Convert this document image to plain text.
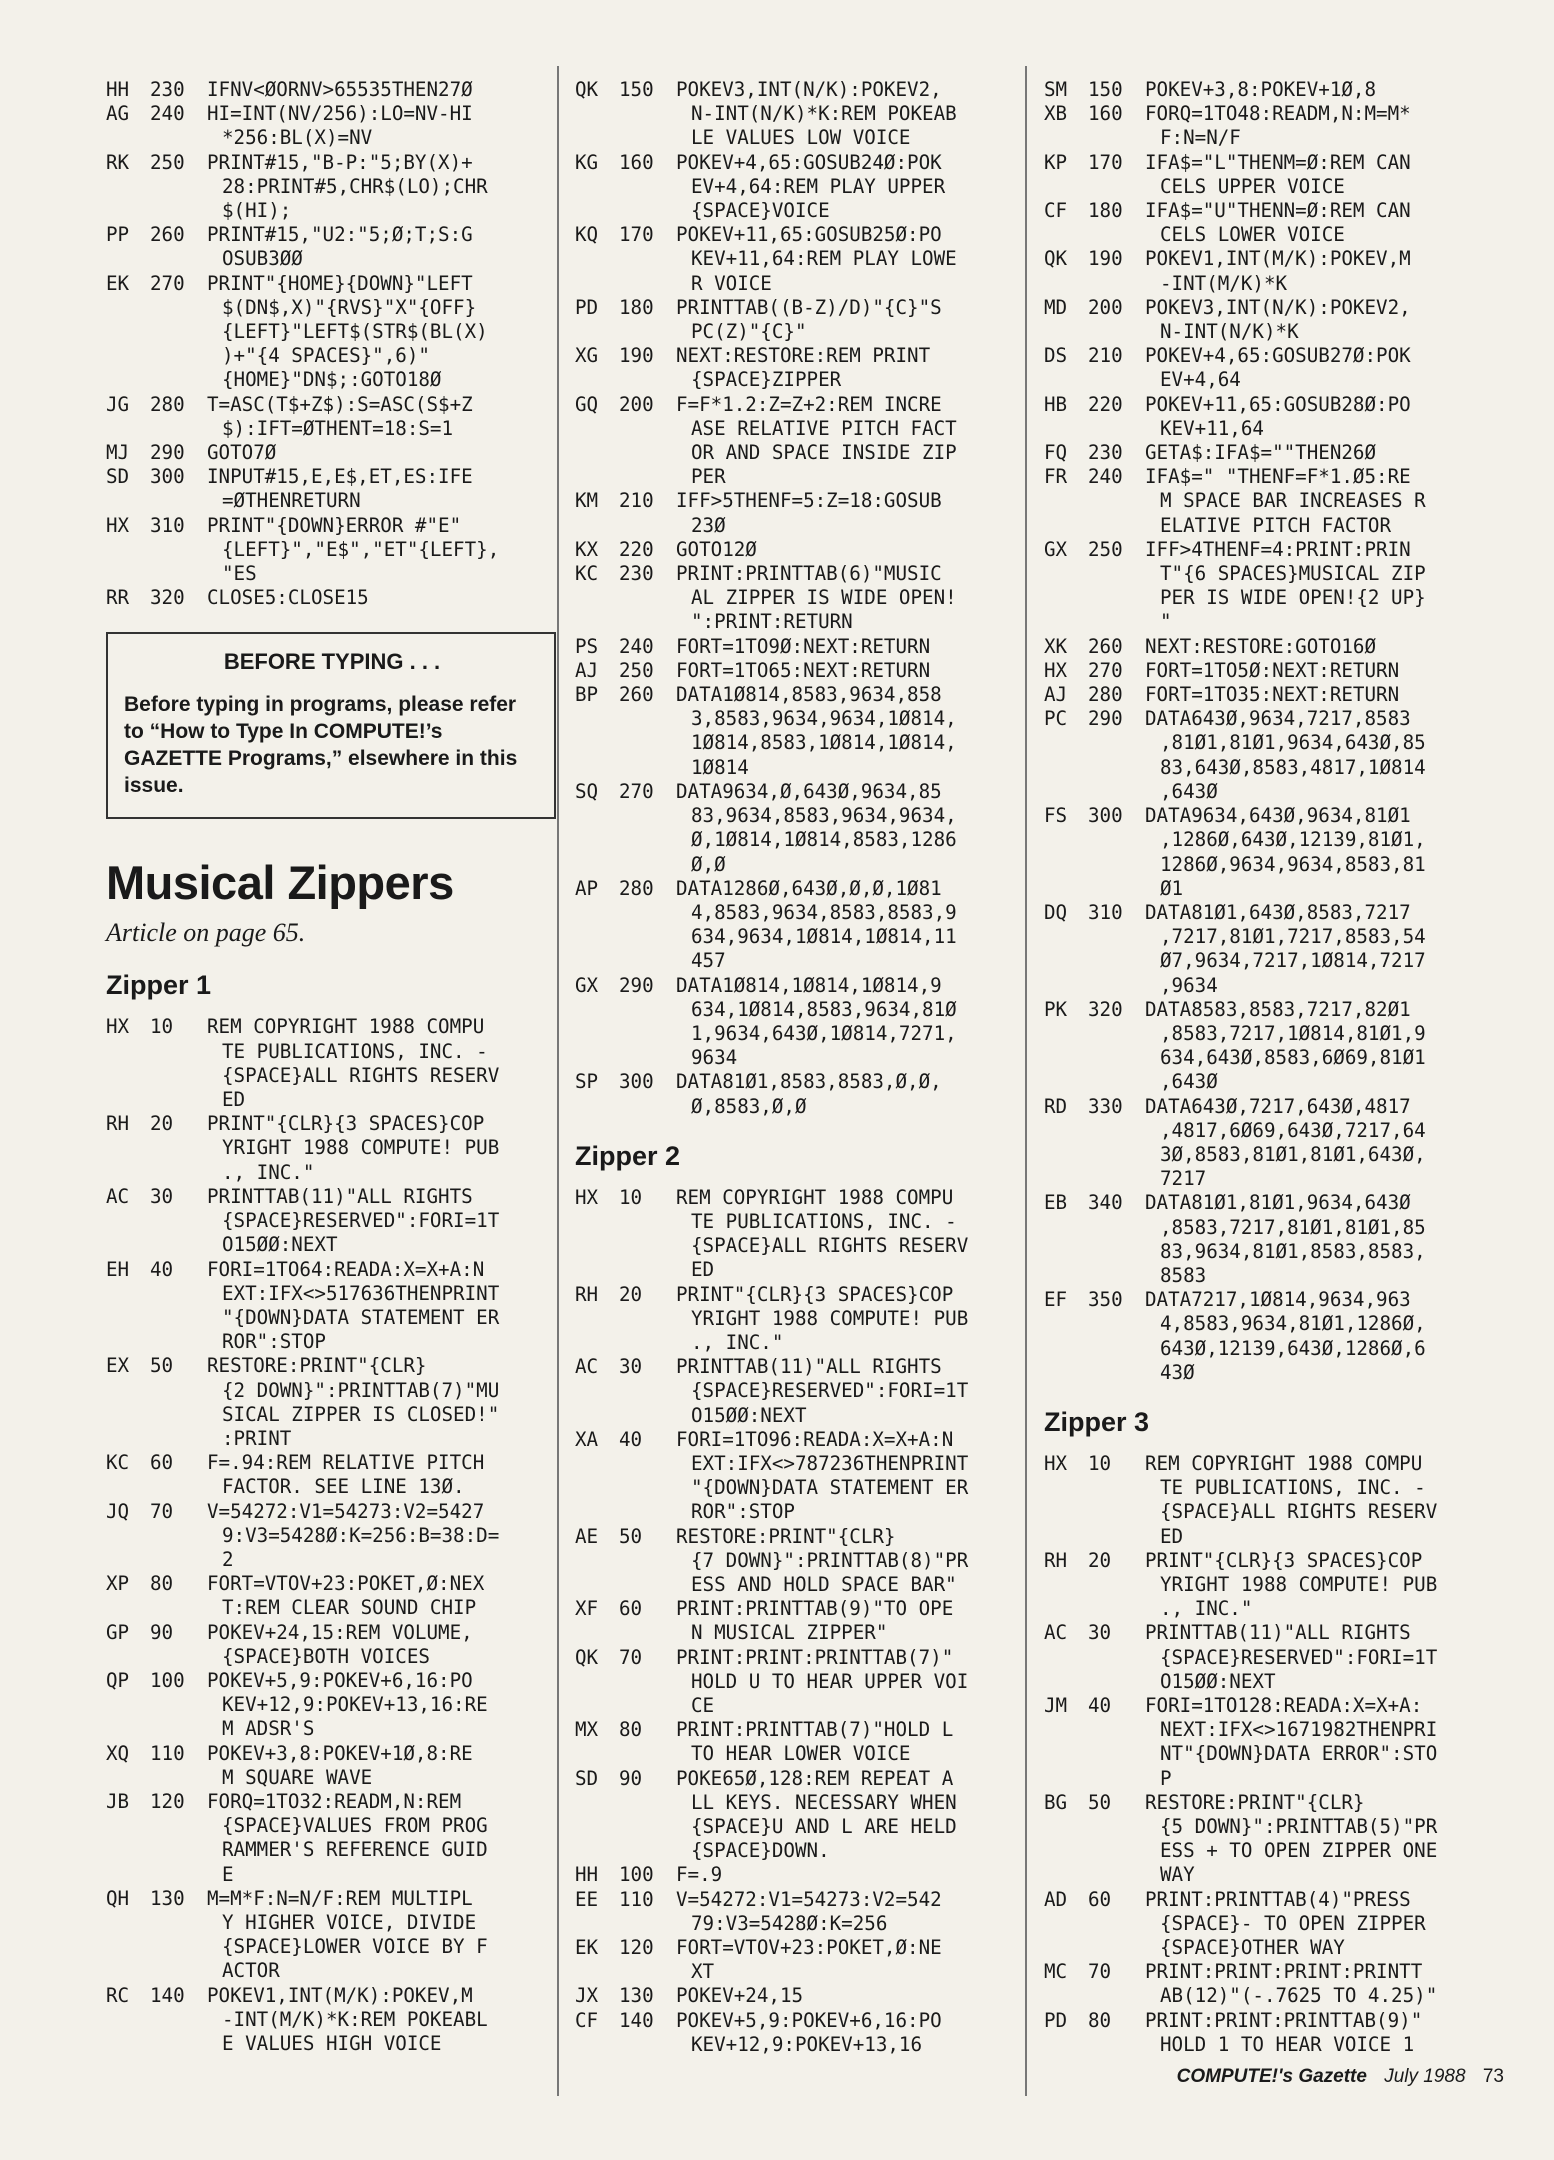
HH	230	IFNV<ØORNV>65535THEN27Ø
AG	240	HI=INT(NV/256):LO=NV-HI
*256:BL(X)=NV
RK	250	PRINT#15,"B-P:"5;BY(X)+
28:PRINT#5,CHR$(LO);CHR
$(HI);
PP	260	PRINT#15,"U2:"5;Ø;T;S:G
OSUB3ØØ
EK	270	PRINT"{HOME}{DOWN}"LEFT
$(DN$,X)"{RVS}"X"{OFF}
{LEFT}"LEFT$(STR$(BL(X)
)+"{4 SPACES}",6)"
{HOME}"DN$;:GOTO18Ø
JG	280	T=ASC(T$+Z$):S=ASC(S$+Z
$):IFT=ØTHENT=18:S=1
MJ	290	GOTO7Ø
SD	300	INPUT#15,E,E$,ET,ES:IFE
=ØTHENRETURN
HX	310	PRINT"{DOWN}ERROR #"E"
{LEFT}","E$","ET"{LEFT},
"ES
RR	320	CLOSE5:CLOSE15
BEFORE TYPING . . .
Before typing in programs, please refer to “How to Type In COMPUTE!’s GAZETTE Programs,” elsewhere in this issue.
Musical Zippers
Article on page 65.
Zipper 1
HX	10	REM COPYRIGHT 1988 COMPU
TE PUBLICATIONS, INC. -
{SPACE}ALL RIGHTS RESERV
ED
RH	20	PRINT"{CLR}{3 SPACES}COP
YRIGHT 1988 COMPUTE! PUB
., INC."
AC	30	PRINTTAB(11)"ALL RIGHTS
{SPACE}RESERVED":FORI=1T
O15ØØ:NEXT
EH	40	FORI=1TO64:READA:X=X+A:N
EXT:IFX<>517636THENPRINT
"{DOWN}DATA STATEMENT ER
ROR":STOP
EX	50	RESTORE:PRINT"{CLR}
{2 DOWN}":PRINTTAB(7)"MU
SICAL ZIPPER IS CLOSED!"
:PRINT
KC	60	F=.94:REM RELATIVE PITCH
FACTOR. SEE LINE 13Ø.
JQ	70	V=54272:V1=54273:V2=5427
9:V3=5428Ø:K=256:B=38:D=
2
XP	80	FORT=VTOV+23:POKET,Ø:NEX
T:REM CLEAR SOUND CHIP
GP	90	POKEV+24,15:REM VOLUME,
{SPACE}BOTH VOICES
QP	100	POKEV+5,9:POKEV+6,16:PO
KEV+12,9:POKEV+13,16:RE
M ADSR'S
XQ	110	POKEV+3,8:POKEV+1Ø,8:RE
M SQUARE WAVE
JB	120	FORQ=1TO32:READM,N:REM
{SPACE}VALUES FROM PROG
RAMMER'S REFERENCE GUID
E
QH	130	M=M*F:N=N/F:REM MULTIPL
Y HIGHER VOICE, DIVIDE
{SPACE}LOWER VOICE BY F
ACTOR
RC	140	POKEV1,INT(M/K):POKEV,M
-INT(M/K)*K:REM POKEABL
E VALUES HIGH VOICE
QK	150	POKEV3,INT(N/K):POKEV2,
N-INT(N/K)*K:REM POKEAB
LE VALUES LOW VOICE
KG	160	POKEV+4,65:GOSUB24Ø:POK
EV+4,64:REM PLAY UPPER
{SPACE}VOICE
KQ	170	POKEV+11,65:GOSUB25Ø:PO
KEV+11,64:REM PLAY LOWE
R VOICE
PD	180	PRINTTAB((B-Z)/D)"{C}"S
PC(Z)"{C}"
XG	190	NEXT:RESTORE:REM PRINT
{SPACE}ZIPPER
GQ	200	F=F*1.2:Z=Z+2:REM INCRE
ASE RELATIVE PITCH FACT
OR AND SPACE INSIDE ZIP
PER
KM	210	IFF>5THENF=5:Z=18:GOSUB
23Ø
KX	220	GOTO12Ø
KC	230	PRINT:PRINTTAB(6)"MUSIC
AL ZIPPER IS WIDE OPEN!
":PRINT:RETURN
PS	240	FORT=1TO9Ø:NEXT:RETURN
AJ	250	FORT=1TO65:NEXT:RETURN
BP	260	DATA1Ø814,8583,9634,858
3,8583,9634,9634,1Ø814,
1Ø814,8583,1Ø814,1Ø814,
1Ø814
SQ	270	DATA9634,Ø,643Ø,9634,85
83,9634,8583,9634,9634,
Ø,1Ø814,1Ø814,8583,1286
Ø,Ø
AP	280	DATA1286Ø,643Ø,Ø,Ø,1Ø81
4,8583,9634,8583,8583,9
634,9634,1Ø814,1Ø814,11
457
GX	290	DATA1Ø814,1Ø814,1Ø814,9
634,1Ø814,8583,9634,81Ø
1,9634,643Ø,1Ø814,7271,
9634
SP	300	DATA81Ø1,8583,8583,Ø,Ø,
Ø,8583,Ø,Ø
Zipper 2
HX	10	REM COPYRIGHT 1988 COMPU
TE PUBLICATIONS, INC. -
{SPACE}ALL RIGHTS RESERV
ED
RH	20	PRINT"{CLR}{3 SPACES}COP
YRIGHT 1988 COMPUTE! PUB
., INC."
AC	30	PRINTTAB(11)"ALL RIGHTS
{SPACE}RESERVED":FORI=1T
O15ØØ:NEXT
XA	40	FORI=1TO96:READA:X=X+A:N
EXT:IFX<>787236THENPRINT
"{DOWN}DATA STATEMENT ER
ROR":STOP
AE	50	RESTORE:PRINT"{CLR}
{7 DOWN}":PRINTTAB(8)"PR
ESS AND HOLD SPACE BAR"
XF	60	PRINT:PRINTTAB(9)"TO OPE
N MUSICAL ZIPPER"
QK	70	PRINT:PRINT:PRINTTAB(7)"
HOLD U TO HEAR UPPER VOI
CE
MX	80	PRINT:PRINTTAB(7)"HOLD L
TO HEAR LOWER VOICE
SD	90	POKE65Ø,128:REM REPEAT A
LL KEYS. NECESSARY WHEN
{SPACE}U AND L ARE HELD
{SPACE}DOWN.
HH	100	F=.9
EE	110	V=54272:V1=54273:V2=542
79:V3=5428Ø:K=256
EK	120	FORT=VTOV+23:POKET,Ø:NE
XT
JX	130	POKEV+24,15
CF	140	POKEV+5,9:POKEV+6,16:PO
KEV+12,9:POKEV+13,16
SM	150	POKEV+3,8:POKEV+1Ø,8
XB	160	FORQ=1TO48:READM,N:M=M*
F:N=N/F
KP	170	IFA$="L"THENM=Ø:REM CAN
CELS UPPER VOICE
CF	180	IFA$="U"THENN=Ø:REM CAN
CELS LOWER VOICE
QK	190	POKEV1,INT(M/K):POKEV,M
-INT(M/K)*K
MD	200	POKEV3,INT(N/K):POKEV2,
N-INT(N/K)*K
DS	210	POKEV+4,65:GOSUB27Ø:POK
EV+4,64
HB	220	POKEV+11,65:GOSUB28Ø:PO
KEV+11,64
FQ	230	GETA$:IFA$=""THEN26Ø
FR	240	IFA$=" "THENF=F*1.Ø5:RE
M SPACE BAR INCREASES R
ELATIVE PITCH FACTOR
GX	250	IFF>4THENF=4:PRINT:PRIN
T"{6 SPACES}MUSICAL ZIP
PER IS WIDE OPEN!{2 UP}
"
XK	260	NEXT:RESTORE:GOTO16Ø
HX	270	FORT=1TO5Ø:NEXT:RETURN
AJ	280	FORT=1TO35:NEXT:RETURN
PC	290	DATA643Ø,9634,7217,8583
,81Ø1,81Ø1,9634,643Ø,85
83,643Ø,8583,4817,1Ø814
,643Ø
FS	300	DATA9634,643Ø,9634,81Ø1
,1286Ø,643Ø,12139,81Ø1,
1286Ø,9634,9634,8583,81
Ø1
DQ	310	DATA81Ø1,643Ø,8583,7217
,7217,81Ø1,7217,8583,54
Ø7,9634,7217,1Ø814,7217
,9634
PK	320	DATA8583,8583,7217,82Ø1
,8583,7217,1Ø814,81Ø1,9
634,643Ø,8583,6Ø69,81Ø1
,643Ø
RD	330	DATA643Ø,7217,643Ø,4817
,4817,6Ø69,643Ø,7217,64
3Ø,8583,81Ø1,81Ø1,643Ø,
7217
EB	340	DATA81Ø1,81Ø1,9634,643Ø
,8583,7217,81Ø1,81Ø1,85
83,9634,81Ø1,8583,8583,
8583
EF	350	DATA7217,1Ø814,9634,963
4,8583,9634,81Ø1,1286Ø,
643Ø,12139,643Ø,1286Ø,6
43Ø
Zipper 3
HX	10	REM COPYRIGHT 1988 COMPU
TE PUBLICATIONS, INC. -
{SPACE}ALL RIGHTS RESERV
ED
RH	20	PRINT"{CLR}{3 SPACES}COP
YRIGHT 1988 COMPUTE! PUB
., INC."
AC	30	PRINTTAB(11)"ALL RIGHTS
{SPACE}RESERVED":FORI=1T
O15ØØ:NEXT
JM	40	FORI=1TO128:READA:X=X+A:
NEXT:IFX<>1671982THENPRI
NT"{DOWN}DATA ERROR":STO
P
BG	50	RESTORE:PRINT"{CLR}
{5 DOWN}":PRINTTAB(5)"PR
ESS + TO OPEN ZIPPER ONE
WAY
AD	60	PRINT:PRINTTAB(4)"PRESS
{SPACE}- TO OPEN ZIPPER
{SPACE}OTHER WAY
MC	70	PRINT:PRINT:PRINT:PRINTT
AB(12)"(-.7625 TO 4.25)"
PD	80	PRINT:PRINT:PRINTTAB(9)"
HOLD 1 TO HEAR VOICE 1
COMPUTE!'s Gazette July 1988 73
